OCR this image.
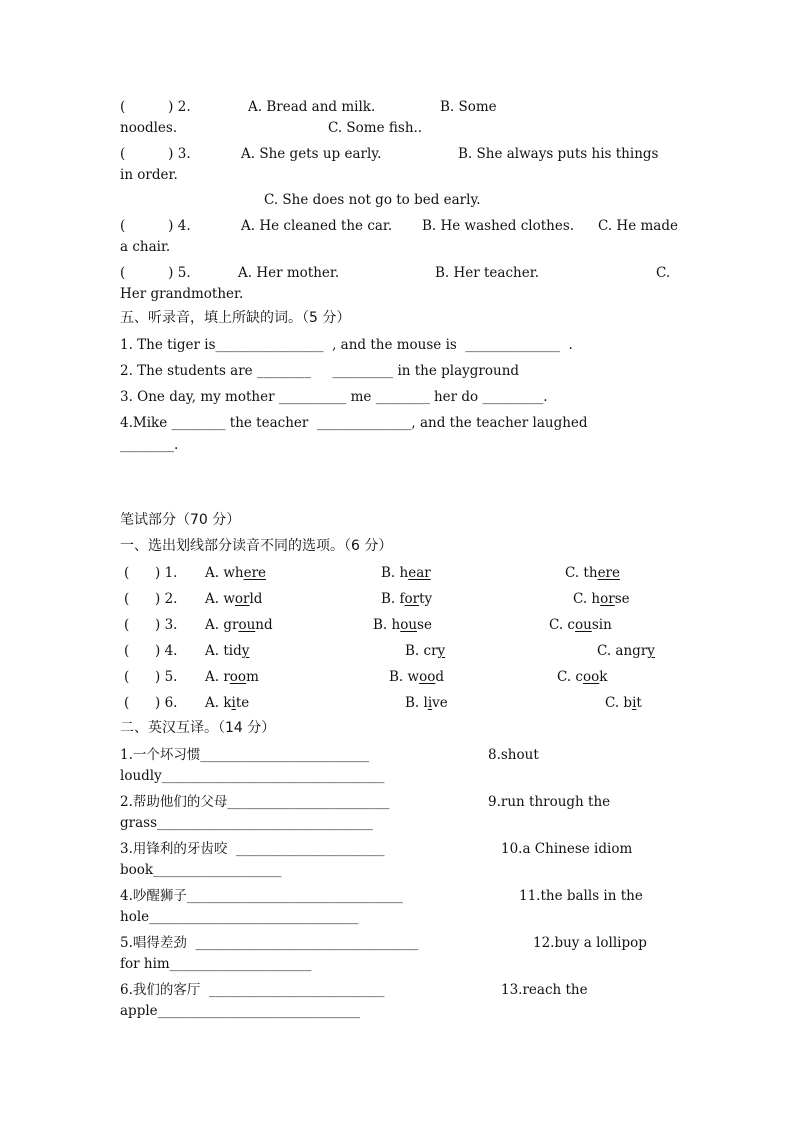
(          ) 2.	A. Bread and milk.	B. Some
noodles.	C. Some fish..
(          ) 3.	A. She gets up early.	B. She always puts his things
in order.
C. She does not go to bed early.
(          ) 4.	A. He cleaned the car. B. He washed clothes. C. He made
a chair.
(          ) 5.	A. Her mother.	B. Her teacher.	C.
Her grandmother.
五、听录音，填上所缺的词。（5 分）
1. The tiger is________________  , and the mouse is  ______________  .
2. The students are ________     _________ in the playground
3. One day, my mother __________ me ________ her do _________.
4.Mike ________ the teacher  ______________, and the teacher laughed
________.
笔试部分（70 分）
一、选出划线部分读音不同的选项。（6 分）
(      ) 1. A. where	B. hear	C. there
(      ) 2. A. world	B. forty	C. horse
(      ) 3. A. ground	B. house	C. cousin
(      ) 4. A. tidy	B. cry	C. angry
(      ) 5. A. room	B. wood	C. cook
(      ) 6. A. kite	B. live	C. bit
二、英汉互译。（14 分）
1.一个坏习惯_________________________	8.shout
loudly_________________________________
2.帮助他们的父母________________________	9.run through the
grass________________________________
3.用锋利的牙齿咬  ______________________	10.a Chinese idiom
book___________________
4.吵醒狮子________________________________	11.the balls in the
hole_______________________________
5.唱得差劲  _________________________________	12.buy a lollipop
for him_____________________
6.我们的客厅  __________________________	13.reach the
apple______________________________
